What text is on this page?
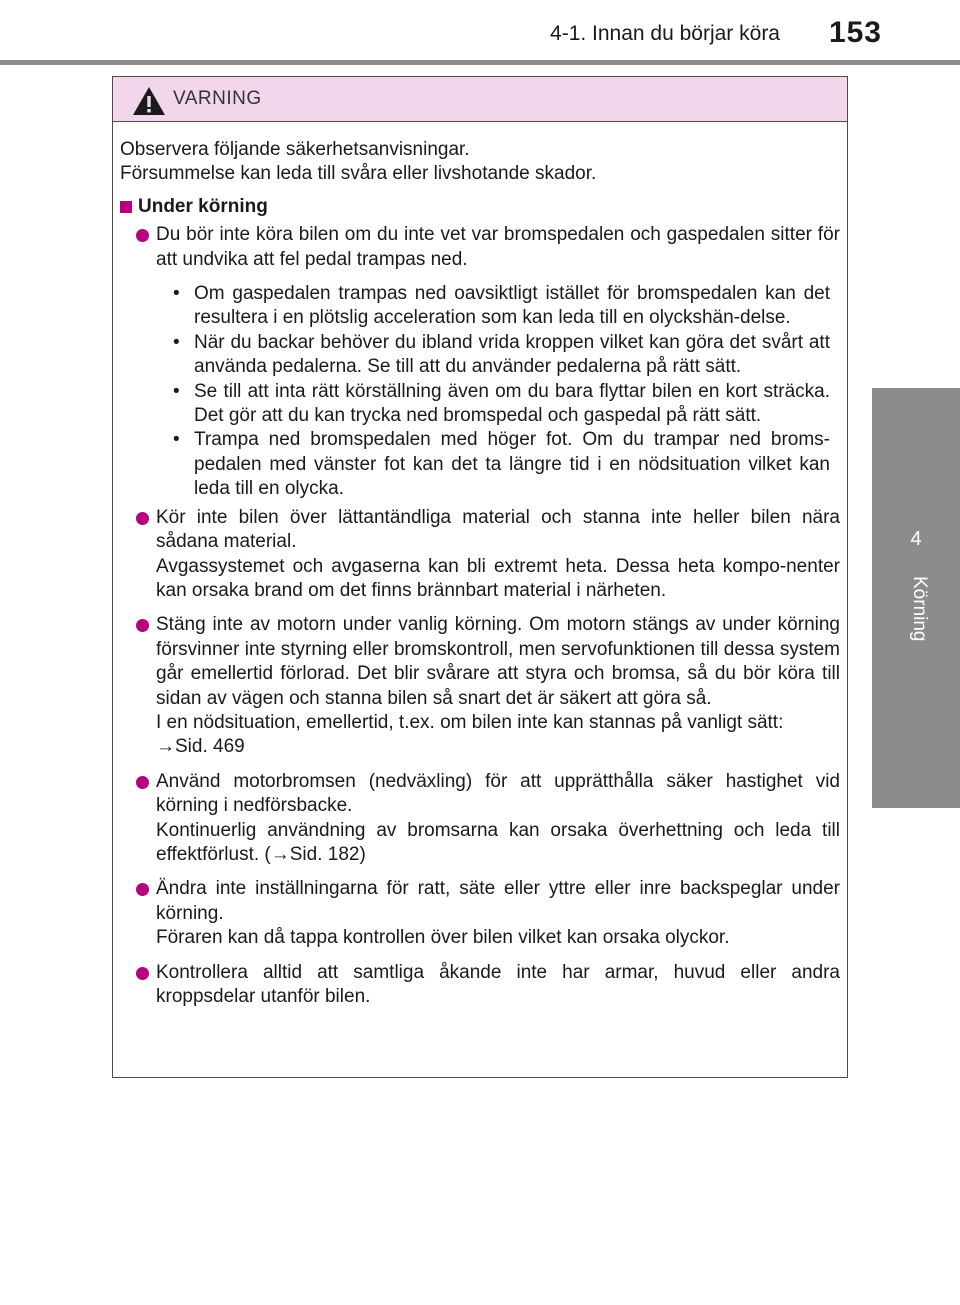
4-1. Innan du börjar köra	153
4
Körning
VARNING
Observera följande säkerhetsanvisningar.
Försummelse kan leda till svåra eller livshotande skador.
Under körning
Du bör inte köra bilen om du inte vet var bromspedalen och gaspedalen sitter för att undvika att fel pedal trampas ned.
• Om gaspedalen trampas ned oavsiktligt istället för bromspedalen kan det resultera i en plötslig acceleration som kan leda till en olyckshän-delse.
• När du backar behöver du ibland vrida kroppen vilket kan göra det svårt att använda pedalerna. Se till att du använder pedalerna på rätt sätt.
• Se till att inta rätt körställning även om du bara flyttar bilen en kort sträcka. Det gör att du kan trycka ned bromspedal och gaspedal på rätt sätt.
• Trampa ned bromspedalen med höger fot. Om du trampar ned broms-pedalen med vänster fot kan det ta längre tid i en nödsituation vilket kan leda till en olycka.
Kör inte bilen över lättantändliga material och stanna inte heller bilen nära sådana material.
Avgassystemet och avgaserna kan bli extremt heta. Dessa heta kompo-nenter kan orsaka brand om det finns brännbart material i närheten.
Stäng inte av motorn under vanlig körning. Om motorn stängs av under körning försvinner inte styrning eller bromskontroll, men servofunktionen till dessa system går emellertid förlorad. Det blir svårare att styra och bromsa, så du bör köra till sidan av vägen och stanna bilen så snart det är säkert att göra så.
I en nödsituation, emellertid, t.ex. om bilen inte kan stannas på vanligt sätt:
→Sid. 469
Använd motorbromsen (nedväxling) för att upprätthålla säker hastighet vid körning i nedförsbacke.
Kontinuerlig användning av bromsarna kan orsaka överhettning och leda till effektförlust. (→Sid. 182)
Ändra inte inställningarna för ratt, säte eller yttre eller inre backspeglar under körning.
Föraren kan då tappa kontrollen över bilen vilket kan orsaka olyckor.
Kontrollera alltid att samtliga åkande inte har armar, huvud eller andra kroppsdelar utanför bilen.
